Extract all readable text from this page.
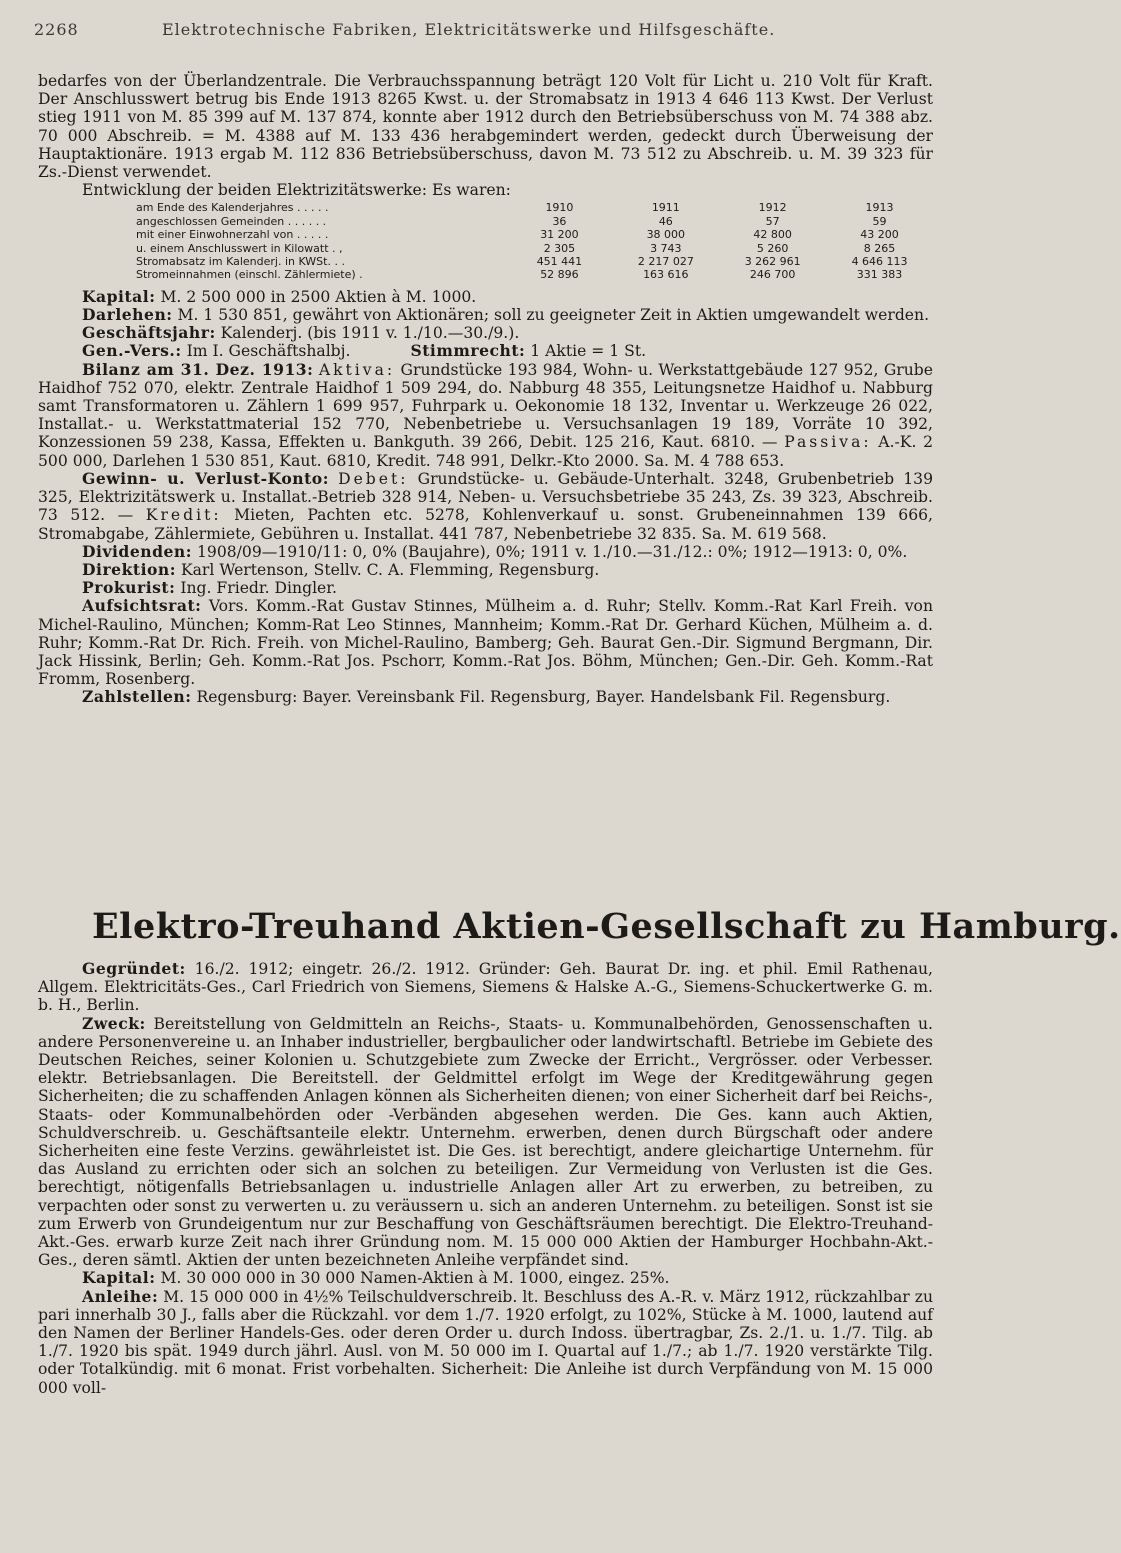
2268	Elektrotechnische Fabriken, Elektricitätswerke und Hilfsgeschäfte.

bedarfes von der Überlandzentrale. Die Verbrauchsspannung beträgt 120 Volt für Licht u. 210 Volt für Kraft. Der Anschlusswert betrug bis Ende 1913 8265 Kwst. u. der Stromabsatz in 1913 4 646 113 Kwst. Der Verlust stieg 1911 von M. 85 399 auf M. 137 874, konnte aber 1912 durch den Betriebsüberschuss von M. 74 388 abz. 70 000 Abschreib. = M. 4388 auf M. 133 436 herabgemindert werden, gedeckt durch Überweisung der Hauptaktionäre. 1913 ergab M. 112 836 Betriebsüberschuss, davon M. 73 512 zu Abschreib. u. M. 39 323 für Zs.-Dienst verwendet.

Entwicklung der beiden Elektrizitätswerke: Es waren:

am Ende des Kalenderjahres . . . . .	1910	1911	1912	1913
angeschlossen Gemeinden . . . . . .	36	46	57	59
mit einer Einwohnerzahl von . . . . .	31 200	38 000	42 800	43 200
u. einem Anschlusswert in Kilowatt . ,	2 305	3 743	5 260	8 265
Stromabsatz im Kalenderj. in KWSt. . .	451 441	2 217 027	3 262 961	4 646 113
Stromeinnahmen (einschl. Zählermiete) .	52 896	163 616	246 700	331 383

Kapital: M. 2 500 000 in 2500 Aktien à M. 1000.

Darlehen: M. 1 530 851, gewährt von Aktionären; soll zu geeigneter Zeit in Aktien umgewandelt werden.

Geschäftsjahr: Kalenderj. (bis 1911 v. 1./10.—30./9.).

Gen.-Vers.: Im I. Geschäftshalbj.	Stimmrecht: 1 Aktie = 1 St.

Bilanz am 31. Dez. 1913: Aktiva: Grundstücke 193 984, Wohn- u. Werkstattgebäude 127 952, Grube Haidhof 752 070, elektr. Zentrale Haidhof 1 509 294, do. Nabburg 48 355, Leitungsnetze Haidhof u. Nabburg samt Transformatoren u. Zählern 1 699 957, Fuhrpark u. Oekonomie 18 132, Inventar u. Werkzeuge 26 022, Installat.- u. Werkstattmaterial 152 770, Nebenbetriebe u. Versuchsanlagen 19 189, Vorräte 10 392, Konzessionen 59 238, Kassa, Effekten u. Bankguth. 39 266, Debit. 125 216, Kaut. 6810. — Passiva: A.-K. 2 500 000, Darlehen 1 530 851, Kaut. 6810, Kredit. 748 991, Delkr.-Kto 2000. Sa. M. 4 788 653.

Gewinn- u. Verlust-Konto: Debet: Grundstücke- u. Gebäude-Unterhalt. 3248, Grubenbetrieb 139 325, Elektrizitätswerk u. Installat.-Betrieb 328 914, Neben- u. Versuchsbetriebe 35 243, Zs. 39 323, Abschreib. 73 512. — Kredit: Mieten, Pachten etc. 5278, Kohlenverkauf u. sonst. Grubeneinnahmen 139 666, Stromabgabe, Zählermiete, Gebühren u. Installat. 441 787, Nebenbetriebe 32 835. Sa. M. 619 568.

Dividenden: 1908/09—1910/11: 0, 0% (Baujahre), 0%; 1911 v. 1./10.—31./12.: 0%; 1912—1913: 0, 0%.

Direktion: Karl Wertenson, Stellv. C. A. Flemming, Regensburg.

Prokurist: Ing. Friedr. Dingler.

Aufsichtsrat: Vors. Komm.-Rat Gustav Stinnes, Mülheim a. d. Ruhr; Stellv. Komm.-Rat Karl Freih. von Michel-Raulino, München; Komm-Rat Leo Stinnes, Mannheim; Komm.-Rat Dr. Gerhard Küchen, Mülheim a. d. Ruhr; Komm.-Rat Dr. Rich. Freih. von Michel-Raulino, Bamberg; Geh. Baurat Gen.-Dir. Sigmund Bergmann, Dir. Jack Hissink, Berlin; Geh. Komm.-Rat Jos. Pschorr, Komm.-Rat Jos. Böhm, München; Gen.-Dir. Geh. Komm.-Rat Fromm, Rosenberg.

Zahlstellen: Regensburg: Bayer. Vereinsbank Fil. Regensburg, Bayer. Handelsbank Fil. Regensburg.

Elektro-Treuhand Aktien-Gesellschaft zu Hamburg.

Gegründet: 16./2. 1912; eingetr. 26./2. 1912. Gründer: Geh. Baurat Dr. ing. et phil. Emil Rathenau, Allgem. Elektricitäts-Ges., Carl Friedrich von Siemens, Siemens & Halske A.-G., Siemens-Schuckertwerke G. m. b. H., Berlin.

Zweck: Bereitstellung von Geldmitteln an Reichs-, Staats- u. Kommunalbehörden, Genossenschaften u. andere Personenvereine u. an Inhaber industrieller, bergbaulicher oder landwirtschaftl. Betriebe im Gebiete des Deutschen Reiches, seiner Kolonien u. Schutzgebiete zum Zwecke der Erricht., Vergrösser. oder Verbesser. elektr. Betriebsanlagen. Die Bereitstell. der Geldmittel erfolgt im Wege der Kreditgewährung gegen Sicherheiten; die zu schaffenden Anlagen können als Sicherheiten dienen; von einer Sicherheit darf bei Reichs-, Staats- oder Kommunalbehörden oder -Verbänden abgesehen werden. Die Ges. kann auch Aktien, Schuldverschreib. u. Geschäftsanteile elektr. Unternehm. erwerben, denen durch Bürgschaft oder andere Sicherheiten eine feste Verzins. gewährleistet ist. Die Ges. ist berechtigt, andere gleichartige Unternehm. für das Ausland zu errichten oder sich an solchen zu beteiligen. Zur Vermeidung von Verlusten ist die Ges. berechtigt, nötigenfalls Betriebsanlagen u. industrielle Anlagen aller Art zu erwerben, zu betreiben, zu verpachten oder sonst zu verwerten u. zu veräussern u. sich an anderen Unternehm. zu beteiligen. Sonst ist sie zum Erwerb von Grundeigentum nur zur Beschaffung von Geschäftsräumen berechtigt. Die Elektro-Treuhand-Akt.-Ges. erwarb kurze Zeit nach ihrer Gründung nom. M. 15 000 000 Aktien der Hamburger Hochbahn-Akt.-Ges., deren sämtl. Aktien der unten bezeichneten Anleihe verpfändet sind.

Kapital: M. 30 000 000 in 30 000 Namen-Aktien à M. 1000, eingez. 25%.

Anleihe: M. 15 000 000 in 4½% Teilschuldverschreib. lt. Beschluss des A.-R. v. März 1912, rückzahlbar zu pari innerhalb 30 J., falls aber die Rückzahl. vor dem 1./7. 1920 erfolgt, zu 102%, Stücke à M. 1000, lautend auf den Namen der Berliner Handels-Ges. oder deren Order u. durch Indoss. übertragbar, Zs. 2./1. u. 1./7. Tilg. ab 1./7. 1920 bis spät. 1949 durch jährl. Ausl. von M. 50 000 im I. Quartal auf 1./7.; ab 1./7. 1920 verstärkte Tilg. oder Totalkündig. mit 6 monat. Frist vorbehalten. Sicherheit: Die Anleihe ist durch Verpfändung von M. 15 000 000 voll-
